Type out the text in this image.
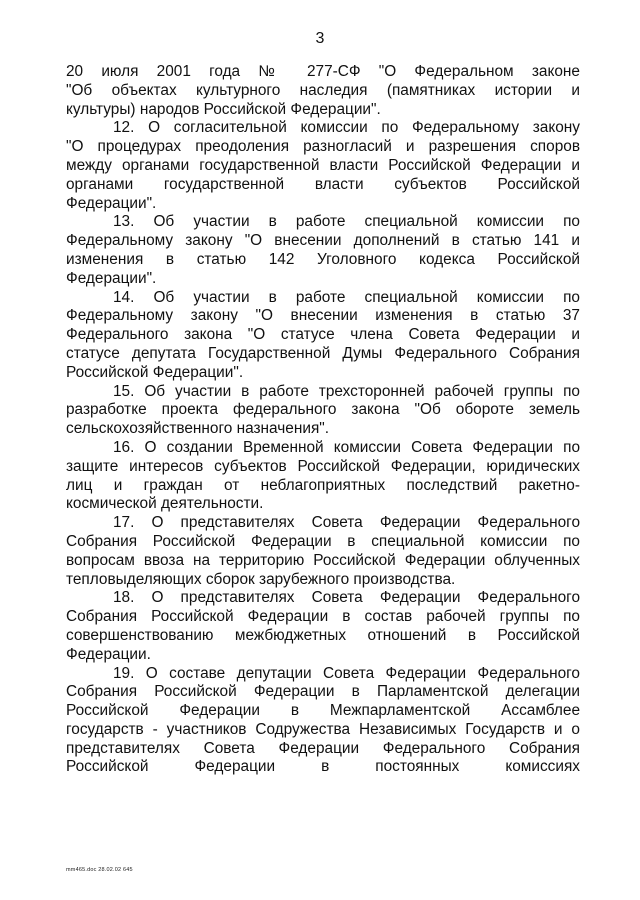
3
20 июля 2001 года № 277-СФ "О Федеральном законе
"Об объектах культурного наследия (памятниках истории и
культуры) народов Российской Федерации".
12. О согласительной комиссии по Федеральному закону
"О процедурах преодоления разногласий и разрешения споров
между органами государственной власти Российской Федерации и
органами государственной власти субъектов Российской
Федерации".
13. Об участии в работе специальной комиссии по
Федеральному закону "О внесении дополнений в статью 141 и
изменения в статью 142 Уголовного кодекса Российской
Федерации".
14. Об участии в работе специальной комиссии по
Федеральному закону "О внесении изменения в статью 37
Федерального закона "О статусе члена Совета Федерации и
статусе депутата Государственной Думы Федерального Собрания
Российской Федерации".
15. Об участии в работе трехсторонней рабочей группы по
разработке проекта федерального закона "Об обороте земель
сельскохозяйственного назначения".
16. О создании Временной комиссии Совета Федерации по
защите интересов субъектов Российской Федерации, юридических
лиц и граждан от неблагоприятных последствий ракетно-
космической деятельности.
17. О представителях Совета Федерации Федерального
Собрания Российской Федерации в специальной комиссии по
вопросам ввоза на территорию Российской Федерации облученных
тепловыделяющих сборок зарубежного производства.
18. О представителях Совета Федерации Федерального
Собрания Российской Федерации в состав рабочей группы по
совершенствованию межбюджетных отношений в Российской
Федерации.
19. О составе депутации Совета Федерации Федерального
Собрания Российской Федерации в Парламентской делегации
Российской Федерации в Межпарламентской Ассамблее
государств - участников Содружества Независимых Государств и о
представителях Совета Федерации Федерального Собрания
Российской Федерации в постоянных комиссиях
mm465.doc 28.02.02 645
